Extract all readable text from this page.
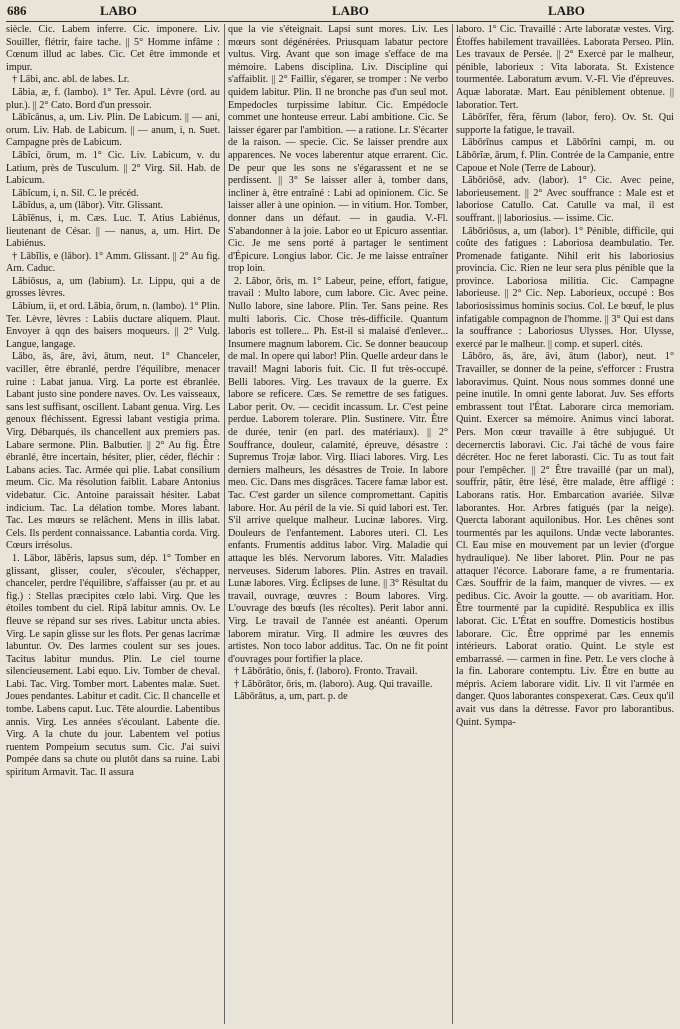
686	LABO	LABO	LABO

siècle. Cic. Labem inferre. Cic. imponere. Liv. Souiller, flétrir, faire tache. || 5° Homme infâme : Cœnum illud ac labes. Cic. Cet être immonde et impur.

† Lābi, anc. abl. de labes. Lr.

Lăbia, æ, f. (lambo). 1° Ter. Apul. Lèvre (ord. au plur.). || 2° Cato. Bord d'un pressoir.

Lābĭcānus, a, um. Liv. Plin. De Labicum. || — ani, orum. Liv. Hab. de Labicum. || — anum, i, n. Suet. Campagne près de Labicum.

Lābĭci, ōrum, m. 1° Cic. Liv. Labicum, v. du Latium, près de Tusculum. || 2° Virg. Sil. Hab. de Labicum.

Lābĭcum, i, n. Sil. C. le précéd.

Lābĭdus, a, um (lābor). Vitr. Glissant.

Lăbĭēnus, i, m. Cæs. Luc. T. Atius Labiénus, lieutenant de César. || — nanus, a, um. Hirt. De Labiénus.

† Lābĭlis, e (lābor). 1° Amm. Glissant. || 2° Au fig. Arn. Caduc.

Lăbiōsus, a, um (labium). Lr. Lippu, qui a de grosses lèvres.

Lăbium, ii, et ord. Lăbia, ōrum, n. (lambo). 1° Plin. Ter. Lèvre, lèvres : Labiis ductare aliquem. Plaut. Envoyer à qqn des baisers moqueurs. || 2° Vulg. Langue, langage.

Lābo, ās, āre, āvi, ātum, neut. 1° Chanceler, vaciller, être ébranlé, perdre l'équilibre, menacer ruine : Labat janua. Virg. La porte est ébranlée. Labant justo sine pondere naves. Ov. Les vaisseaux, sans lest suffisant, oscillent. Labant genua. Virg. Les genoux fléchissent. Egressi labant vestigia prima. Virg. Débarqués, ils chancellent aux premiers pas. Labare sermone. Plin. Balbutier. || 2° Au fig. Être ébranlé, être incertain, hésiter, plier, céder, fléchir : Labans acies. Tac. Armée qui plie. Labat consilium meum. Cic. Ma résolution faiblit. Labare Antonius videbatur. Cic. Antoine paraissait hésiter. Labat indicium. Tac. La délation tombe. Mores labant. Tac. Les mœurs se relâchent. Mens in illis labat. Cels. Ils perdent connaissance. Labantia corda. Virg. Cœurs irrésolus.

1. Lābor, lābĕris, lapsus sum, dép. 1° Tomber en glissant, glisser, couler, s'écouler, s'échapper, chanceler, perdre l'équilibre, s'affaisser (au pr. et au fig.) : Stellas præcipites cœlo labi. Virg. Que les étoiles tombent du ciel. Ripā labitur amnis. Ov. Le fleuve se répand sur ses rives. Labitur uncta abies. Virg. Le sapin glisse sur les flots. Per genas lacrimæ labuntur. Ov. Des larmes coulent sur ses joues. Tacitus labitur mundus. Plin. Le ciel tourne silencieusement. Labi equo. Liv. Tomber de cheval. Labi. Tac. Virg. Tomber mort. Labentes malæ. Suet. Joues pendantes. Labitur et cadit. Cic. Il chancelle et tombe. Labens caput. Luc. Tête alourdie. Labentibus annis. Virg. Les années s'écoulant. Labente die. Virg. A la chute du jour. Labentem vel potius ruentem Pompeium secutus sum. Cic. J'ai suivi Pompée dans sa chute ou plutôt dans sa ruine. Labi spiritum Armavit. Tac. Il assura

que la vie s'éteignait. Lapsi sunt mores. Liv. Les mœurs sont dégénérées. Priusquam labatur pectore vultus. Virg. Avant que son image s'efface de ma mémoire. Labens disciplina. Liv. Discipline qui s'affaiblit. || 2° Faillir, s'égarer, se tromper : Ne verbo quidem labitur. Plin. Il ne bronche pas d'un seul mot. Empedocles turpissime labitur. Cic. Empédocle commet une honteuse erreur. Labi ambitione. Cic. Se laisser égarer par l'ambition. — a ratione. Lr. S'écarter de la raison. — specie. Cic. Se laisser prendre aux apparences. Ne voces laberentur atque errarent. Cic. De peur que les sons ne s'égarassent et ne se perdissent. || 3° Se laisser aller à, tomber dans, incliner à, être entraîné : Labi ad opinionem. Cic. Se laisser aller à une opinion. — in vitium. Hor. Tomber, donner dans un défaut. — in gaudia. V.-Fl. S'abandonner à la joie. Labor eo ut Epicuro assentiar. Cic. Je me sens porté à partager le sentiment d'Épicure. Longius labor. Cic. Je me laisse entraîner trop loin.

2. Lăbor, ōris, m. 1° Labeur, peine, effort, fatigue, travail : Multo labore, cum labore. Cic. Avec peine. Nullo labore, sine labore. Plin. Ter. Sans peine. Res multi laboris. Cic. Chose très-difficile. Quantum laboris est tollere... Ph. Est-il si malaisé d'enlever... Insumere magnum laborem. Cic. Se donner beaucoup de mal. In opere qui labor! Plin. Quelle ardeur dans le travail! Magni laboris fuit. Cic. Il fut très-occupé. Belli labores. Virg. Les travaux de la guerre. Ex labore se reficere. Cæs. Se remettre de ses fatigues. Labor perit. Ov. — cecidit incassum. Lr. C'est peine perdue. Laborem tolerare. Plin. Sustinere. Vitr. Être de durée, tenir (en parl. des matériaux). || 2° Souffrance, douleur, calamité, épreuve, désastre : Supremus Trojæ labor. Virg. Iliaci labores. Virg. Les derniers malheurs, les désastres de Troie. In labore meo. Cic. Dans mes disgrâces. Tacere famæ labor est. Tac. C'est garder un silence compromettant. Capitis labore. Hor. Au péril de la vie. Si quid labori est. Ter. S'il arrive quelque malheur. Lucinæ labores. Virg. Douleurs de l'enfantement. Labores uteri. Cl. Les enfants. Frumentis additus labor. Virg. Maladie qui attaque les blés. Nervorum labores. Vitr. Maladies nerveuses. Siderum labores. Plin. Astres en travail. Lunæ labores. Virg. Éclipses de lune. || 3° Résultat du travail, ouvrage, œuvres : Boum labores. Virg. L'ouvrage des bœufs (les récoltes). Perit labor anni. Virg. Le travail de l'année est anéanti. Operum laborem miratur. Virg. Il admire les œuvres des artistes. Non toco labor additus. Tac. On ne fit point d'ouvrages pour fortifier la place.

† Lăbōrātio, ōnis, f. (laboro). Fronto. Travail.

† Lăbōrātor, ōris, m. (laboro). Aug. Qui travaille.

Lăbōrātus, a, um, part. p. de

laboro. 1° Cic. Travaillé : Arte laboratæ vestes. Virg. Étoffes habilement travaillées. Laborata Perseo. Plin. Les travaux de Persée. || 2° Exercé par le malheur, pénible, laborieux : Vita laborata. St. Existence tourmentée. Laboratum ævum. V.-Fl. Vie d'épreuves. Aquæ laboratæ. Mart. Eau péniblement obtenue. || laboratior. Tert.

Lăbōrĭfer, fĕra, fĕrum (labor, fero). Ov. St. Qui supporte la fatigue, le travail.

Lābōrīnus campus et Lābōrīni campi, m. ou Lăbōrĭæ, ārum, f. Plin. Contrée de la Campanie, entre Capoue et Nole (Terre de Labour).

Lăbōriōsē, adv. (labor). 1° Cic. Avec peine, laborieusement. || 2° Avec souffrance : Male est et laboriose Catullo. Cat. Catulle va mal, il est souffrant. || laboriosius. — issime. Cic.

Lăbōriōsus, a, um (labor). 1° Pénible, difficile, qui coûte des fatigues : Laboriosa deambulatio. Ter. Promenade fatigante. Nihil erit his laboriosius provincia. Cic. Rien ne leur sera plus pénible que la province. Laboriosa militia. Cic. Campagne laborieuse. || 2° Cic. Nep. Laborieux, occupé : Bos laboriosissimus hominis socius. Col. Le bœuf, le plus infatigable compagnon de l'homme. || 3° Qui est dans la souffrance : Laboriosus Ulysses. Hor. Ulysse, exercé par le malheur. || comp. et superl. cités.

Lăbōro, ās, āre, āvi, ātum (labor), neut. 1° Travailler, se donner de la peine, s'efforcer : Frustra laboravimus. Quint. Nous nous sommes donné une peine inutile. In omni gente laborat. Juv. Ses efforts embrassent tout l'État. Laborare circa memoriam. Quint. Exercer sa mémoire. Animus vinci laborat. Pers. Mon cœur travaille à être subjugué. Ut decernerctis laboravi. Cic. J'ai tâché de vous faire décréter. Hoc ne feret laborasti. Cic. Tu as tout fait pour l'empêcher. || 2° Être travaillé (par un mal), souffrir, pâtir, être lésé, être malade, être affligé : Laborans ratis. Hor. Embarcation avariée. Silvæ laborantes. Hor. Arbres fatigués (par la neige). Quercta laborant aquilonibus. Hor. Les chênes sont tourmentés par les aquilons. Undæ vecte laborantes. Cl. Eau mise en mouvement par un levier (d'orgue hydraulique). Ne liber laboret. Plin. Pour ne pas attaquer l'écorce. Laborare fame, a re frumentaria. Cæs. Souffrir de la faim, manquer de vivres. — ex pedibus. Cic. Avoir la goutte. — ob avaritiam. Hor. Être tourmenté par la cupidité. Respublica ex illis laborat. Cic. L'État en souffre. Domesticis hostibus laborare. Cic. Être opprimé par les ennemis intérieurs. Laborat oratio. Quint. Le style est embarrassé. — carmen in fine. Petr. Le vers cloche à la fin. Laborare contemptu. Liv. Être en butte au mépris. Aciem laborare vidit. Liv. Il vit l'armée en danger. Quos laborantes conspexerat. Cæs. Ceux qu'il avait vus dans la détresse. Favor pro laborantibus. Quint. Sympa-
